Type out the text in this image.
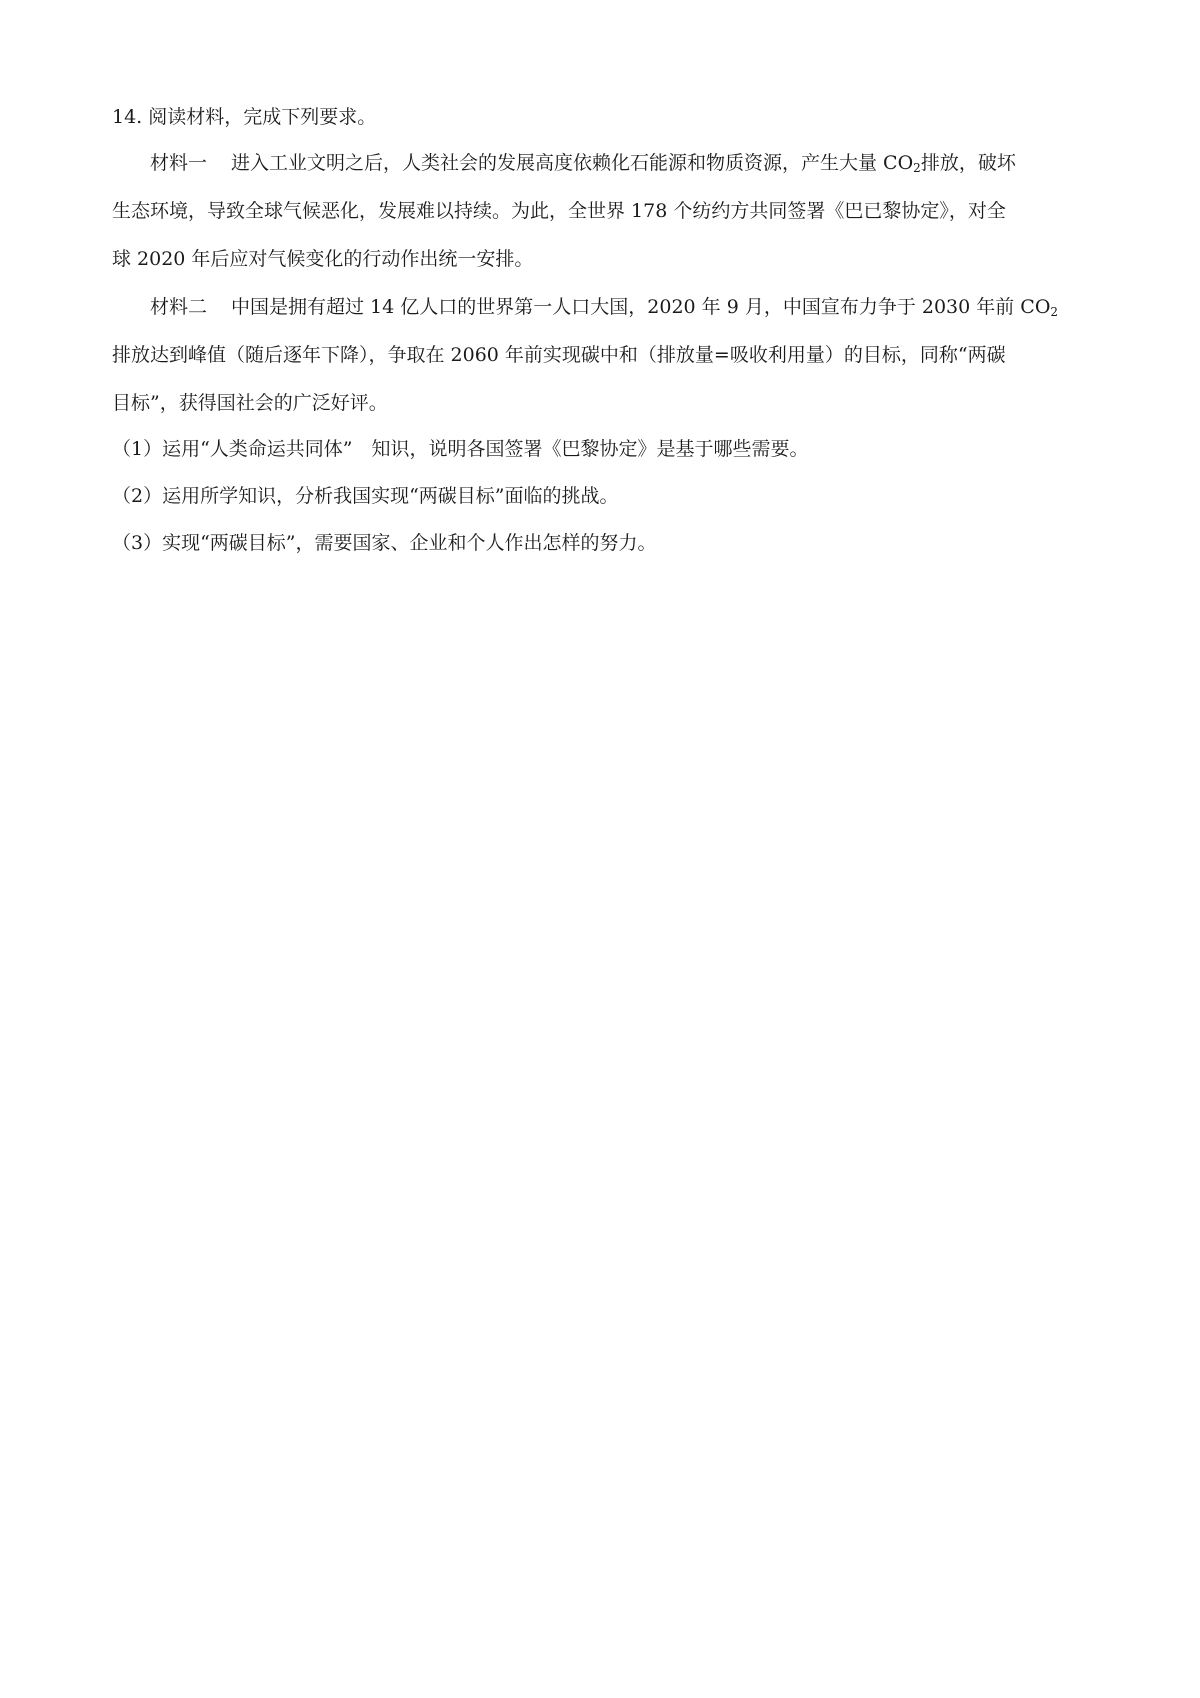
14. 阅读材料，完成下列要求。
材料一 进入工业文明之后，人类社会的发展高度依赖化石能源和物质资源，产生大量 $CO_2$排放，破坏
生态环境，导致全球气候恶化，发展难以持续。为此，全世界 178 个纺约方共同签署《巴已黎协定》，对全
球 2020 年后应对气候变化的行动作出统一安排。
材料二 中国是拥有超过 14 亿人口的世界第一人口大国，2020 年 9 月，中国宣布力争于 2030 年前 $CO_2$
排放达到峰值（随后逐年下降），争取在 2060 年前实现碳中和（排放量=吸收利用量）的目标，同称“两碳
目标”，获得国社会的广泛好评。
（1）运用“人类命运共同体”　知识，说明各国签署《巴黎协定》是基于哪些需要。
（2）运用所学知识，分析我国实现“两碳目标”面临的挑战。
（3）实现“两碳目标”，需要国家、企业和个人作出怎样的努力。
